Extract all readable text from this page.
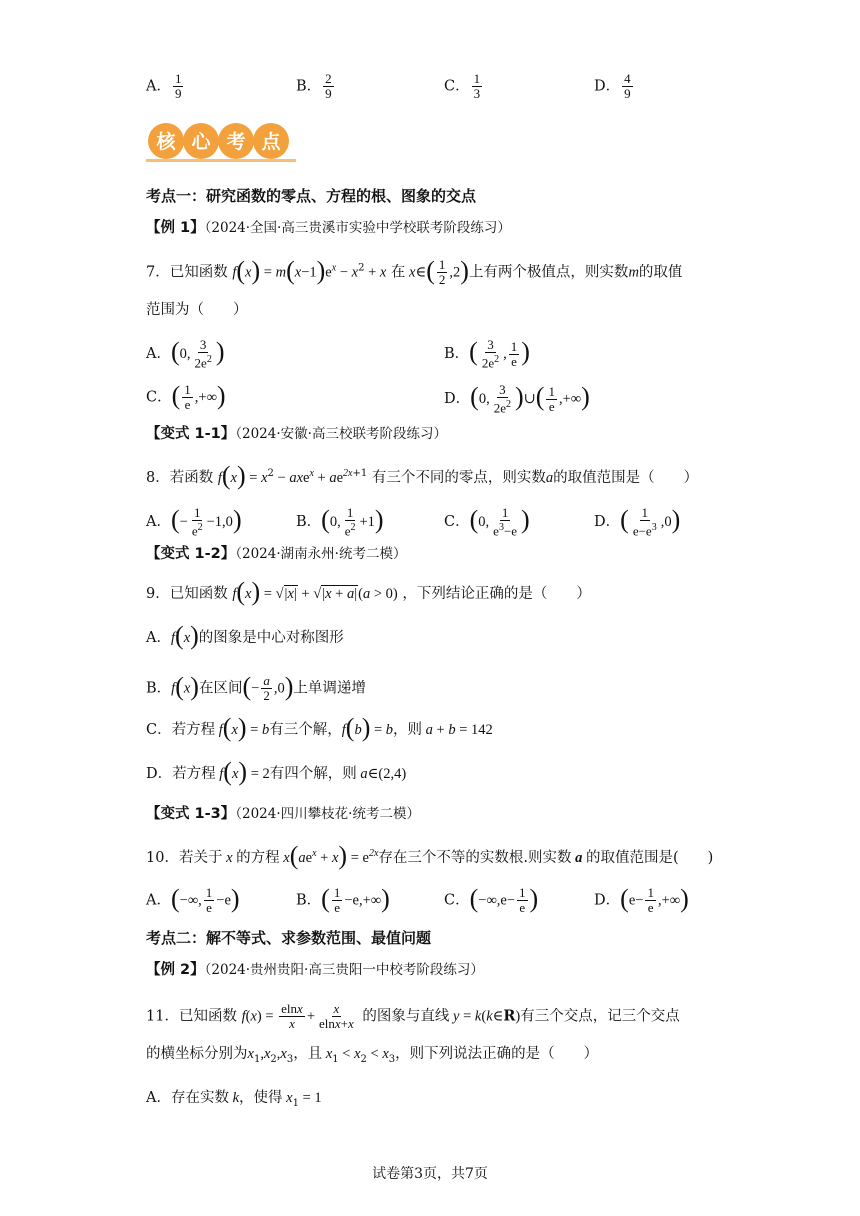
A． $\frac{1}{9}$	B． $\frac{2}{9}$	C． $\frac{1}{3}$	D． $\frac{4}{9}$
核 心 考 点
考点一：研究函数的零点、方程的根、图象的交点
【例 1】（2024·全国·高三贵溪市实验中学校联考阶段练习）
7．已知函数 $f(x) = m(x-1)e^x - x^2 + x$ 在 x∈( $\frac{1}{2} ,2$)上有两个极值点，则实数m的取值
范围为（　　）
A．(0, $\frac{3}{2e^2}$ )	B．( $\frac{3}{2e^2}$ , $\frac{1}{e}$ )
C．( $\frac{1}{e}$ ,+∞)	D．(0, $\frac{3}{2e^2}$ )∪( $\frac{1}{e}$ ,+∞)
【变式 1-1】（2024·安徽·高三校联考阶段练习）
8．若函数 $f(x) = x^2 - axe^x + ae^{2x+1}$ 有三个不同的零点，则实数a的取值范围是（　　）
A．(− $\frac{1}{e^2} -1,0$)	B．(0, $\frac{1}{e^2} +1$)	C．(0, $\frac{1}{e^3-e}$ )	D．( $\frac{1}{e-e^3} ,0$)
【变式 1-2】（2024·湖南永州·统考二模）
9．已知函数 f(x) = √|x| + √|x + a|(a > 0) ，下列结论正确的是（　　）
A．f(x)的图象是中心对称图形
B．f(x)在区间(− $\frac{a}{2} ,0$)上单调递增
C．若方程 f(x) = b有三个解，f(b) = b，则 a + b = 142
D．若方程 f(x) = 2有四个解，则 a∈(2,4)
【变式 1-3】（2024·四川攀枝花·统考二模）
10．若关于 x 的方程 $x(ae^x + x) = e^{2x}$存在三个不等的实数根.则实数 a 的取值范围是(　　)
A．(−∞, $\frac{1}{e} -e$)	B．( $\frac{1}{e} -e,+\infty$)	C．($-\infty,e- \frac{1}{e}$ )	D．($e- \frac{1}{e}$ ,+∞)
考点二：解不等式、求参数范围、最值问题
【例 2】（2024·贵州贵阳·高三贵阳一中校考阶段练习）
11．已知函数 $f(x) = \frac{elnx}{x} + \frac{x}{elnx+x}$ 的图象与直线 y = k(k∈R)有三个交点，记三个交点
的横坐标分别为$x_1,x_2,x_3$，且 $x_1 < x_2 < x_3$，则下列说法正确的是（　　）
A．存在实数 k，使得 $x_1 = 1$
试卷第3页，共7页
